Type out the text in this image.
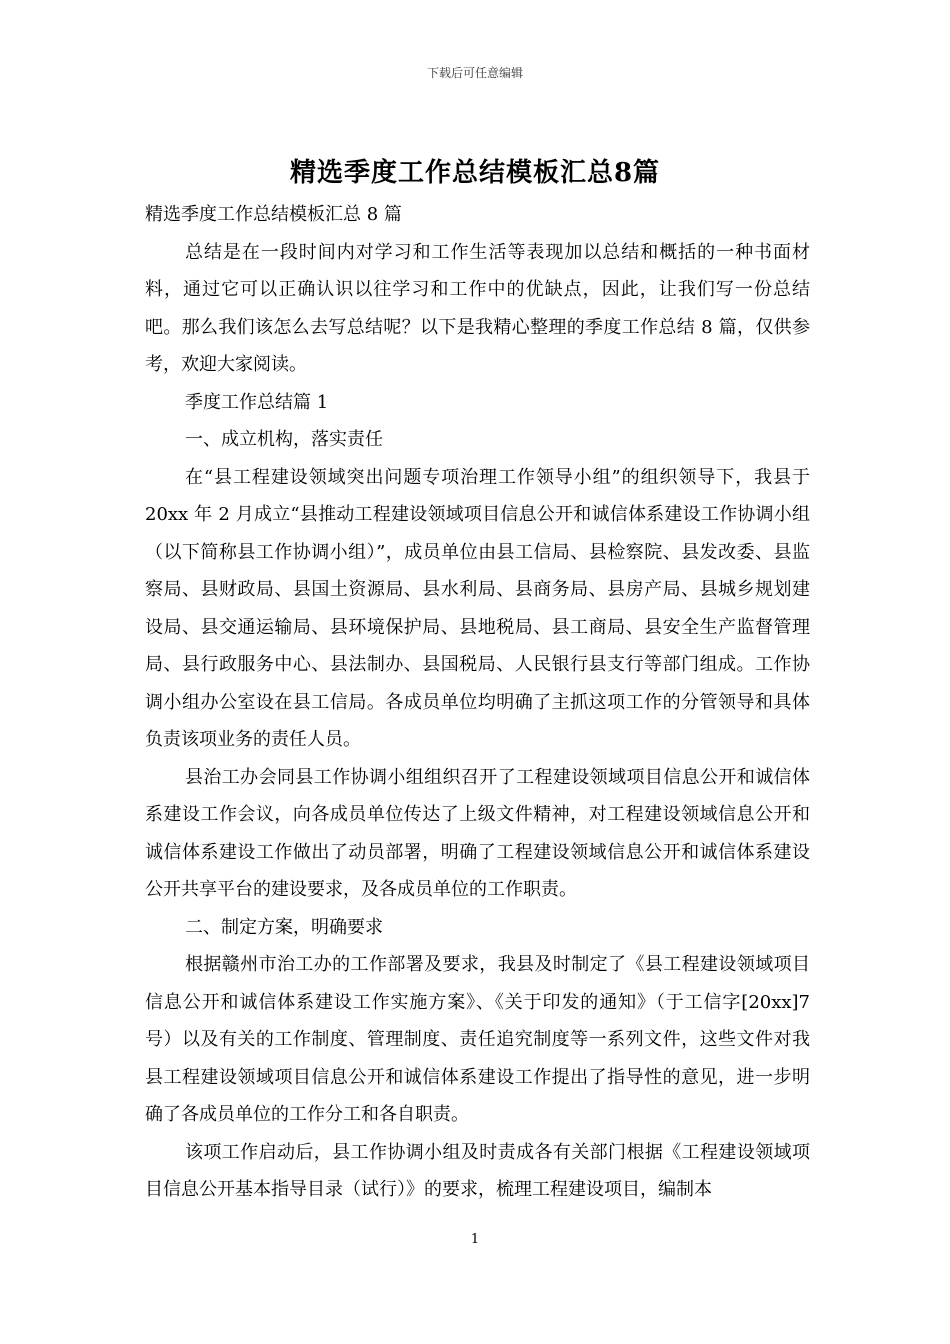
下载后可任意编辑
精选季度工作总结模板汇总8篇

精选季度工作总结模板汇总 8 篇

总结是在一段时间内对学习和工作生活等表现加以总结和概括的一种书面材料，通过它可以正确认识以往学习和工作中的优缺点，因此，让我们写一份总结吧。那么我们该怎么去写总结呢？以下是我精心整理的季度工作总结 8 篇，仅供参考，欢迎大家阅读。

季度工作总结篇 1

一、成立机构，落实责任

在“县工程建设领域突出问题专项治理工作领导小组”的组织领导下，我县于 20xx 年 2 月成立“县推动工程建设领域项目信息公开和诚信体系建设工作协调小组（以下简称县工作协调小组）”，成员单位由县工信局、县检察院、县发改委、县监察局、县财政局、县国土资源局、县水利局、县商务局、县房产局、县城乡规划建设局、县交通运输局、县环境保护局、县地税局、县工商局、县安全生产监督管理局、县行政服务中心、县法制办、县国税局、人民银行县支行等部门组成。工作协调小组办公室设在县工信局。各成员单位均明确了主抓这项工作的分管领导和具体负责该项业务的责任人员。

县治工办会同县工作协调小组组织召开了工程建设领域项目信息公开和诚信体系建设工作会议，向各成员单位传达了上级文件精神，对工程建设领域信息公开和诚信体系建设工作做出了动员部署，明确了工程建设领域信息公开和诚信体系建设公开共享平台的建设要求，及各成员单位的工作职责。

二、制定方案，明确要求

根据赣州市治工办的工作部署及要求，我县及时制定了《县工程建设领域项目信息公开和诚信体系建设工作实施方案》、《关于印发的通知》（于工信字[20xx]7 号）以及有关的工作制度、管理制度、责任追究制度等一系列文件，这些文件对我县工程建设领域项目信息公开和诚信体系建设工作提出了指导性的意见，进一步明确了各成员单位的工作分工和各自职责。

该项工作启动后，县工作协调小组及时责成各有关部门根据《工程建设领域项目信息公开基本指导目录（试行）》的要求，梳理工程建设项目，编制本

1
